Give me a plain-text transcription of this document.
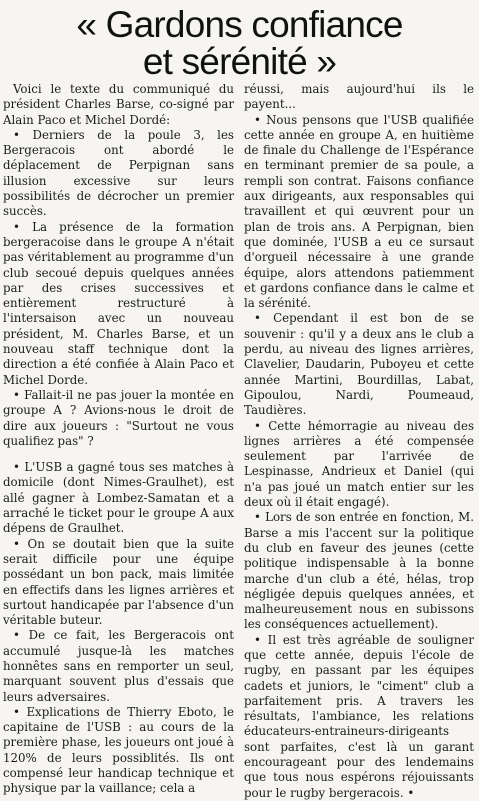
« Gardons confiance
et sérénité »

Voici le texte du communiqué du président Charles Barse, co-signé par Alain Paco et Michel Dordé:

• Derniers de la poule 3, les Bergeracois ont abordé le déplacement de Perpignan sans illusion excessive sur leurs possibilités de décrocher un premier succès.

• La présence de la formation bergeracoise dans le groupe A n'était pas véritablement au programme d'un club secoué depuis quelques années par des crises successives et entièrement restructuré à l'intersaison avec un nouveau président, M. Charles Barse, et un nouveau staff technique dont la direction a été confiée à Alain Paco et Michel Dorde.

• Fallait-il ne pas jouer la montée en groupe A ? Avions-nous le droit de dire aux joueurs : "Surtout ne vous qualifiez pas" ?

• L'USB a gagné tous ses matches à domicile (dont Nimes-Graulhet), est allé gagner à Lombez-Samatan et a arraché le ticket pour le groupe A aux dépens de Graulhet.

• On se doutait bien que la suite serait difficile pour une équipe possédant un bon pack, mais limitée en effectifs dans les lignes arrières et surtout handicapée par l'absence d'un véritable buteur.

• De ce fait, les Bergeracois ont accumulé jusque-là les matches honnêtes sans en remporter un seul, marquant souvent plus d'essais que leurs adversaires.

• Explications de Thierry Eboto, le capitaine de l'USB : au cours de la première phase, les joueurs ont joué à 120% de leurs possiblités. Ils ont compensé leur handicap technique et physique par la vaillance; cela a

réussi, mais aujourd'hui ils le payent...

• Nous pensons que l'USB qualifiée cette année en groupe A, en huitième de finale du Challenge de l'Espérance en terminant premier de sa poule, a rempli son contrat. Faisons confiance aux dirigeants, aux responsables qui travaillent et qui œuvrent pour un plan de trois ans. A Perpignan, bien que dominée, l'USB a eu ce sursaut d'orgueil nécessaire à une grande équipe, alors attendons patiemment et gardons confiance dans le calme et la sérénité.

• Cependant il est bon de se souvenir : qu'il y a deux ans le club a perdu, au niveau des lignes arrières, Clavelier, Daudarin, Puboyeu et cette année Martini, Bourdillas, Labat, Gipoulou, Nardi, Poumeaud, Taudières.

• Cette hémorragie au niveau des lignes arrières a été compensée seulement par l'arrivée de Lespinasse, Andrieux et Daniel (qui n'a pas joué un match entier sur les deux où il était engagé).

• Lors de son entrée en fonction, M. Barse a mis l'accent sur la politique du club en faveur des jeunes (cette politique indispensable à la bonne marche d'un club a été, hélas, trop négligée depuis quelques années, et malheureusement nous en subissons les conséquences actuellement).

• Il est très agréable de souligner que cette année, depuis l'école de rugby, en passant par les équipes cadets et juniors, le "ciment" club a parfaitement pris. A travers les résultats, l'ambiance, les relations éducateurs-entraineurs-dirigeants sont parfaites, c'est là un garant encourageant pour des lendemains que tous nous espérons réjouissants pour le rugby bergeracois. •
